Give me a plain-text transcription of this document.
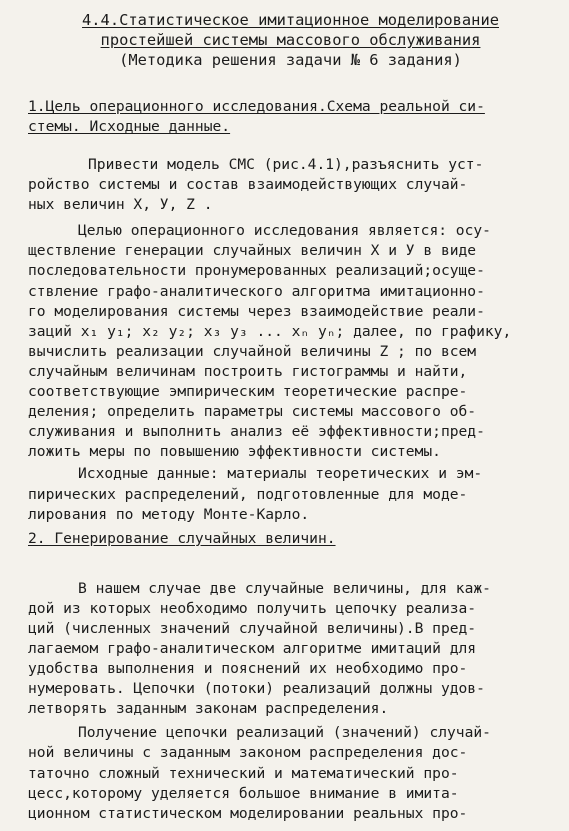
4.4.Статистическое имитационное моделирование
простейшей системы массового обслуживания
(Методика решения задачи № 6 задания)
1.Цель операционного исследования.Схема реальной си-
стемы. Исходные данные.
Привести модель СМС (рис.4.1),разъяснить уст-
ройство системы и состав взаимодействующих случай-
ных величин X, У, Z .
Целью операционного исследования является: осу-
ществление генерации случайных величин X и У в виде
последовательности пронумерованных реализаций;осуще-
ствление графо-аналитического алгоритма имитационно-
го моделирования системы через взаимодействие реали-
заций x₁ y₁; x₂ y₂; x₃ y₃ ... xₙ yₙ; далее, по графику,
вычислить реализации случайной величины Z ; по всем
случайным величинам построить гистограммы и найти,
соответствующие эмпирическим теоретические распре-
деления; определить параметры системы массового об-
служивания и выполнить анализ её эффективности;пред-
ложить меры по повышению эффективности системы.
Исходные данные: материалы теоретических и эм-
пирических распределений, подготовленные для моде-
лирования по методу Монте-Карло.
2. Генерирование случайных величин.
В нашем случае две случайные величины, для каж-
дой из которых необходимо получить цепочку реализа-
ций (численных значений случайной величины).В пред-
лагаемом графо-аналитическом алгоритме имитаций для
удобства выполнения и пояснений их необходимо про-
нумеровать. Цепочки (потоки) реализаций должны удов-
летворять заданным законам распределения.
Получение цепочки реализаций (значений) случай-
ной величины с заданным законом распределения дос-
таточно сложный технический и математический про-
цесс,которому уделяется большое внимание в имита-
ционном статистическом моделировании реальных про-
